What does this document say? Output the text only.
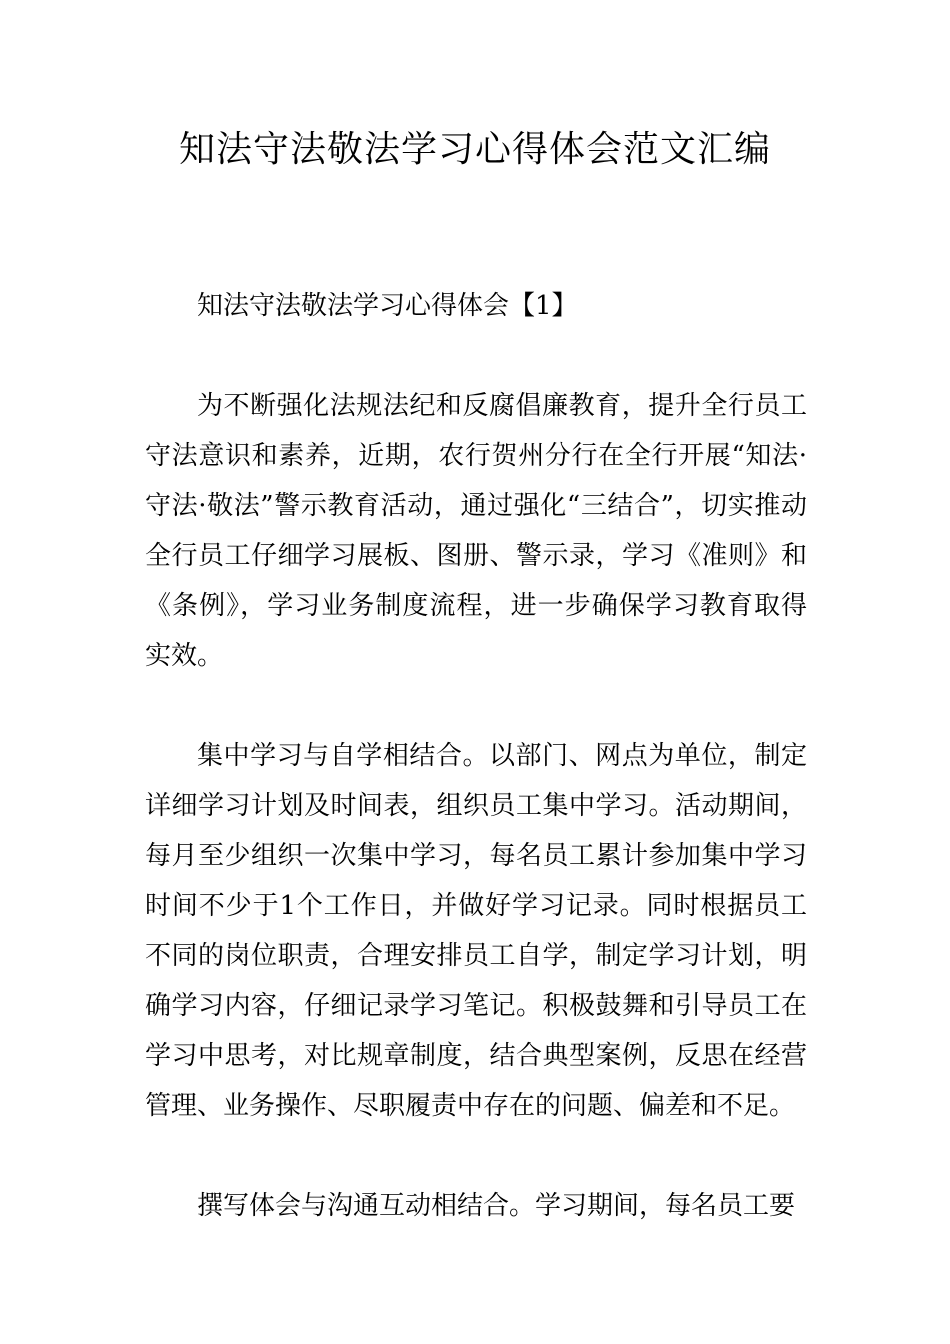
知法守法敬法学习心得体会范文汇编

知法守法敬法学习心得体会【1】

为不断强化法规法纪和反腐倡廉教育，提升全行员工守法意识和素养，近期，农行贺州分行在全行开展“知法·守法·敬法”警示教育活动，通过强化“三结合”，切实推动全行员工仔细学习展板、图册、警示录，学习《准则》和《条例》，学习业务制度流程，进一步确保学习教育取得实效。

集中学习与自学相结合。以部门、网点为单位，制定详细学习计划及时间表，组织员工集中学习。活动期间，每月至少组织一次集中学习，每名员工累计参加集中学习时间不少于1个工作日，并做好学习记录。同时根据员工不同的岗位职责，合理安排员工自学，制定学习计划，明确学习内容，仔细记录学习笔记。积极鼓舞和引导员工在学习中思考，对比规章制度，结合典型案例，反思在经营管理、业务操作、尽职履责中存在的问题、偏差和不足。

撰写体会与沟通互动相结合。学习期间，每名员工要
